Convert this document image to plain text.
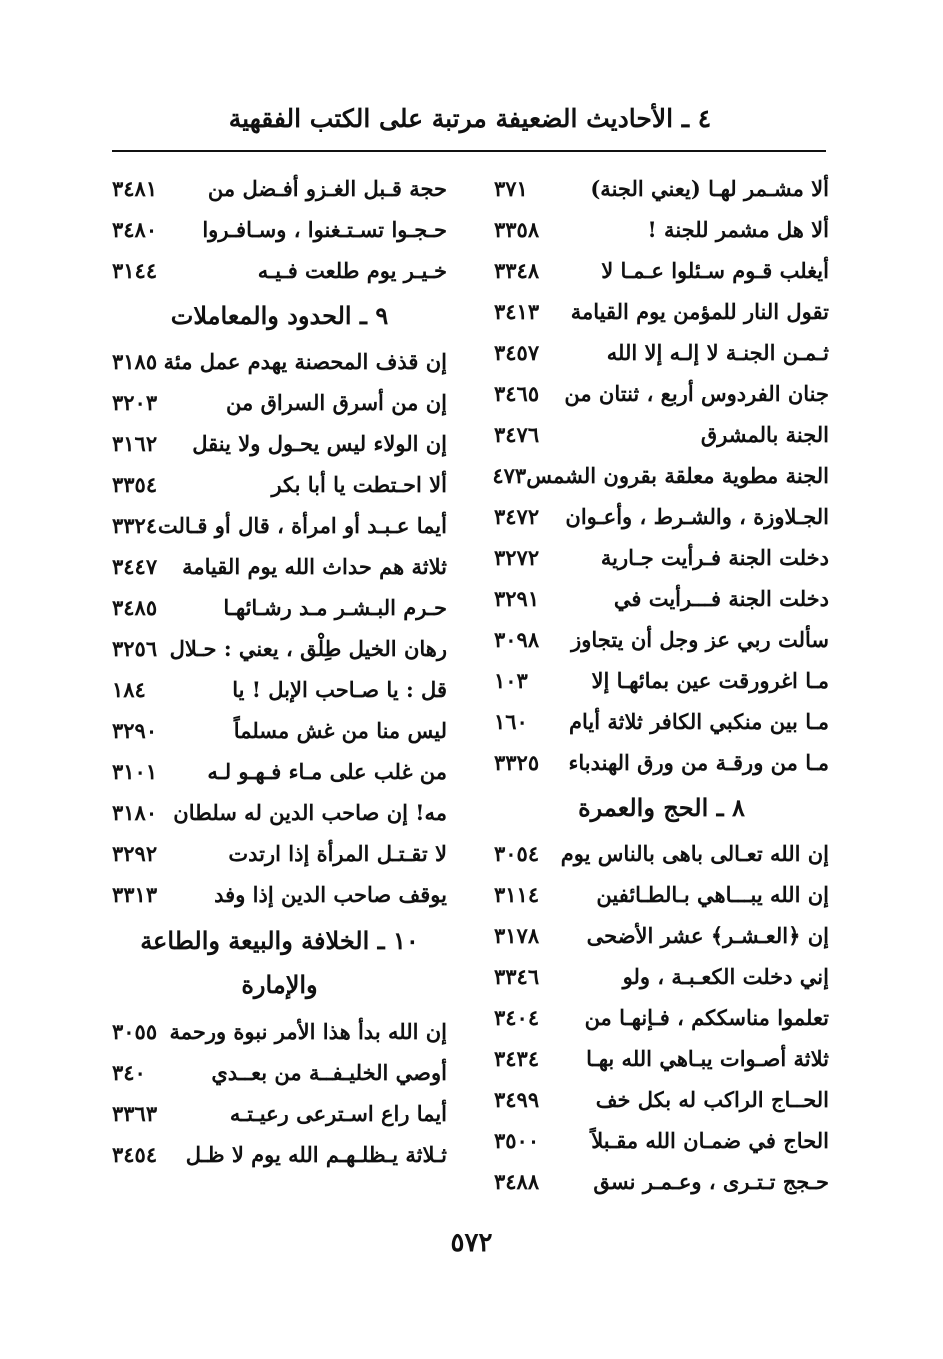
٤ ـ الأحاديث الضعيفة مرتبة على الكتب الفقهية
ألا مشـمر لهـا (يعني الجنة)
٣٧١
ألا هل مشمر للجنة !
٣٣٥٨
أيغلب قـوم سـئلوا عـمـا لا
٣٣٤٨
تقول النار للمؤمن يوم القيامة
٣٤١٣
ثـمـن الجنـة لا إلـه إلا الله
٣٤٥٧
جنان الفردوس أربع ، ثنتان من
٣٤٦٥
الجنة بالمشرق
٣٤٧٦
الجنة مطوية معلقة بقرون الشمس
٤٧٣
الجـلاوزة ، والشـرط ، وأعـوان
٣٤٧٢
دخلت الجنة فـرأيت جـارية
٣٢٧٢
دخلت الجنة فـــرأيت في
٣٢٩١
سألت ربي عز وجل أن يتجاوز
٣٠٩٨
مـا اغرورقت عين بمائهـا إلا
١٠٣
مـا بين منكبي الكافر ثلاثة أيام
١٦٠
مـا من ورقـة من ورق الهندباء
٣٣٢٥
٨ ـ الحج والعمرة
إن الله تعـالى باهى بالناس يوم
٣٠٥٤
إن الله يبـــاهي بـالطـائفين
٣١١٤
إن ﴿العـشـر﴾ عشر الأضحى
٣١٧٨
إني دخلت الكعـبـة ، ولو
٣٣٤٦
تعلموا مناسككم ، فـإنهـا من
٣٤٠٤
ثلاثة أصـوات يبـاهي الله بهـا
٣٤٣٤
الحــاج الراكب له بكل خف
٣٤٩٩
الحاج في ضمـان الله مقـبلاً
٣٥٠٠
حـجج تـتـرى ، وعـمـر نسق
٣٤٨٨
حجة قـبل الغـزو أفـضل من
٣٤٨١
حـجـوا تسـتـغنوا ، وسـافـروا
٣٤٨٠
خـيـر يوم طلعت فـيـه
٣١٤٤
٩ ـ الحدود والمعاملات
إن قذف المحصنة يهدم عمل مئة
٣١٨٥
إن من أسرق السراق من
٣٢٠٣
إن الولاء ليس يحـول ولا ينقل
٣١٦٢
ألا احـتطت يا أبا بكر
٣٣٥٤
أيما عـبـد أو امرأة ، قال أو قـالت
٣٣٢٤
ثلاثة هم حداث الله يوم القيامة
٣٤٤٧
حـرم البـشـر مـد رشـائهـا
٣٤٨٥
رهان الخيل طِلْق ، يعني : حـلال
٣٢٥٦
قل : يا صـاحب الإبل ! يا
١٨٤
ليس منا من غش مسلماً
٣٢٩٠
من غلب على مـاء فـهـو لـه
٣١٠١
مه! إن صاحب الدين له سلطان
٣١٨٠
لا تقـتـل المرأة إذا ارتدت
٣٢٩٢
يوقف صاحب الدين إذا وفد
٣٣١٣
١٠ ـ الخلافة والبيعة والطاعة
والإمارة
إن الله بدأ هذا الأمر نبوة ورحمة
٣٠٥٥
أوصي الخليـفــة من بعــدي
٣٤٠
أيما راع اسـترعى رعيـتـه
٣٣٦٣
ثـلاثة يـظلـهـم الله يوم لا ظـل
٣٤٥٤
٥٧٢
